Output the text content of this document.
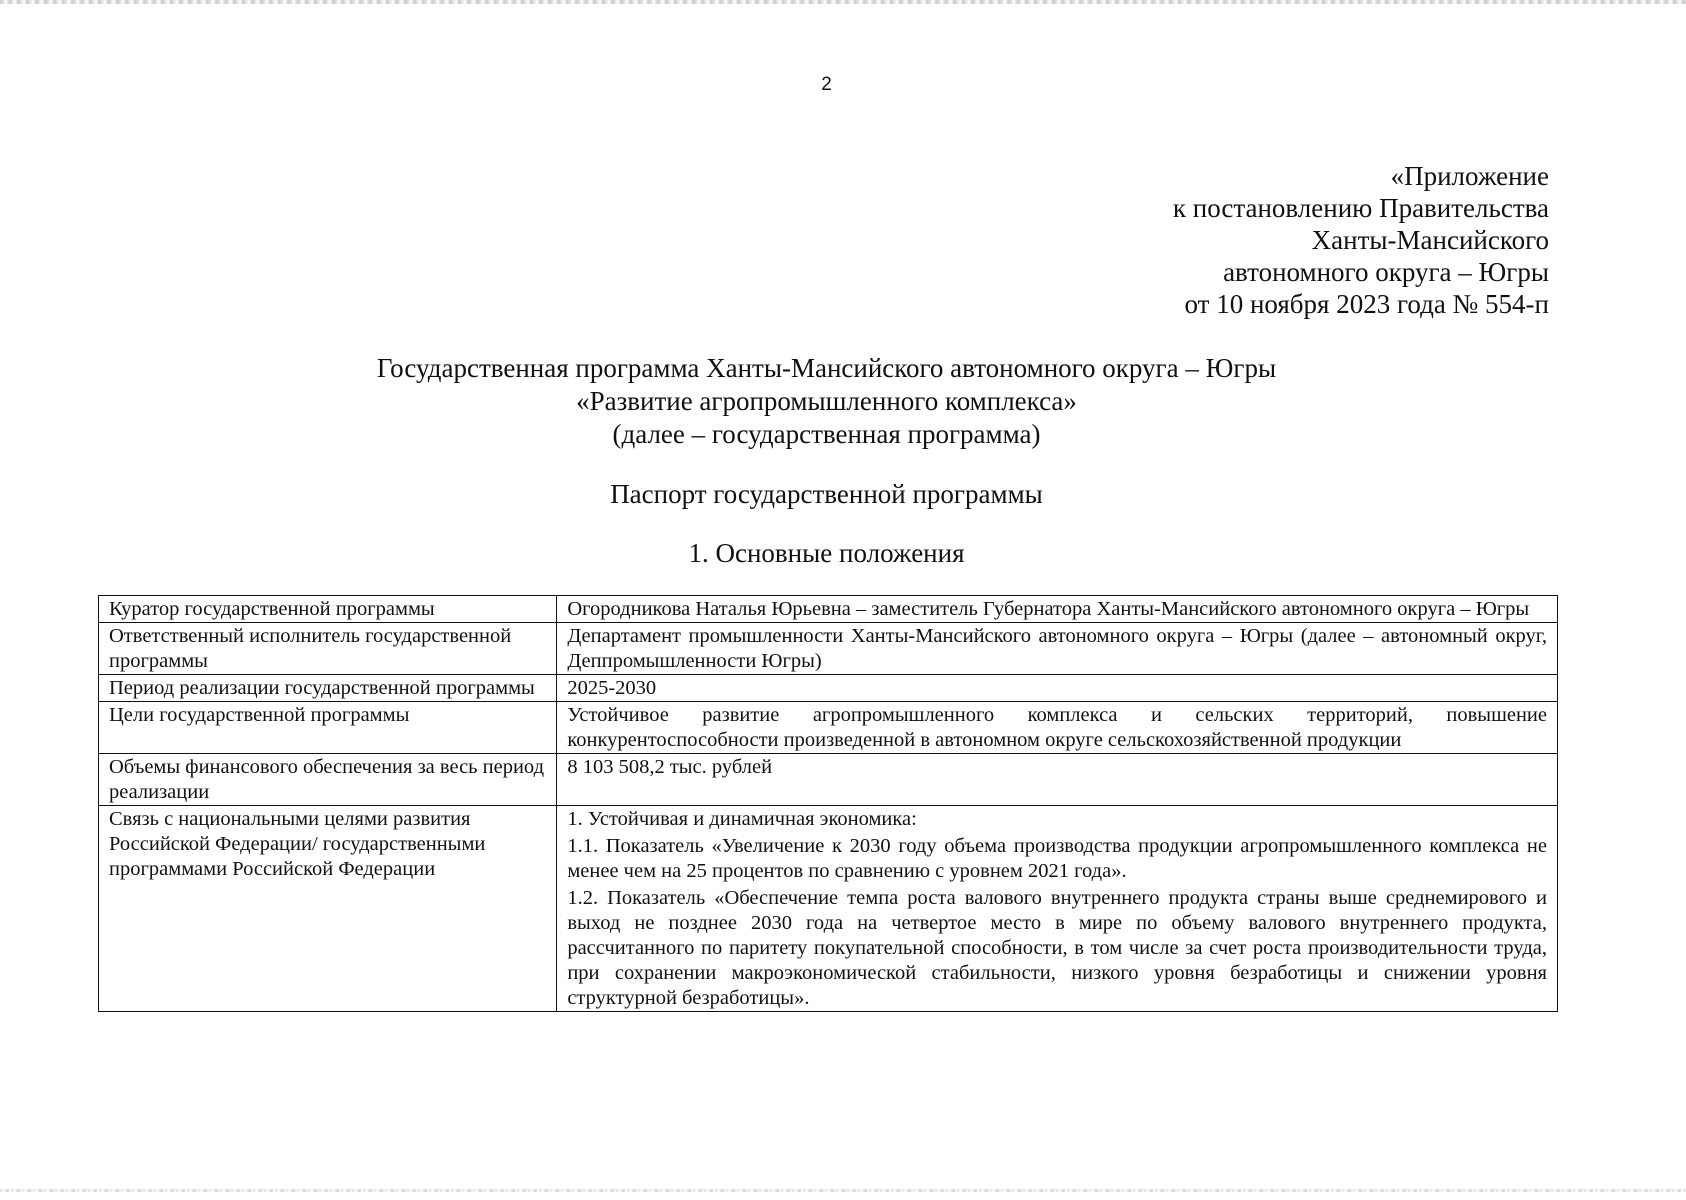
2
«Приложение
к постановлению Правительства
Ханты-Мансийского
автономного округа – Югры
от 10 ноября 2023 года № 554-п
Государственная программа Ханты-Мансийского автономного округа – Югры
«Развитие агропромышленного комплекса»
(далее – государственная программа)
Паспорт государственной программы
1. Основные положения
Куратор государственной программы	Огородникова Наталья Юрьевна – заместитель Губернатора Ханты-Мансийского автономного округа – Югры

Ответственный исполнитель государственной программы	Департамент промышленности Ханты-Мансийского автономного округа – Югры (далее – автономный округ, Деппромышленности Югры)

Период реализации государственной программы	2025-2030

Цели государственной программы	Устойчивое развитие агропромышленного комплекса и сельских территорий, повышение конкурентоспособности произведенной в автономном округе сельскохозяйственной продукции

Объемы финансового обеспечения за весь период реализации	8 103 508,2 тыс. рублей

Связь с национальными целями развития Российской Федерации/ государственными программами Российской Федерации	1. Устойчивая и динамичная экономика:
1.1. Показатель «Увеличение к 2030 году объема производства продукции агропромышленного комплекса не менее чем на 25 процентов по сравнению с уровнем 2021 года».
1.2. Показатель «Обеспечение темпа роста валового внутреннего продукта страны выше среднемирового и выход не позднее 2030 года на четвертое место в мире по объему валового внутреннего продукта, рассчитанного по паритету покупательной способности, в том числе за счет роста производительности труда, при сохранении макроэкономической стабильности, низкого уровня безработицы и снижении уровня структурной безработицы».
